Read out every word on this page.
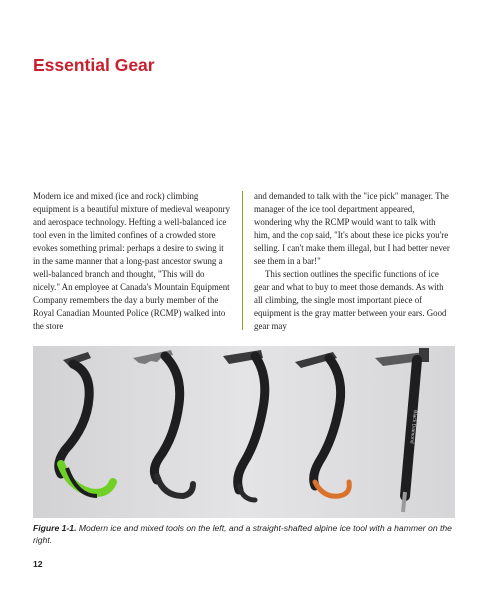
Essential Gear

Modern ice and mixed (ice and rock) climbing equipment is a beautiful mixture of medieval weaponry and aerospace technology. Hefting a well-balanced ice tool even in the limited confines of a crowded store evokes something primal: perhaps a desire to swing it in the same manner that a long-past ancestor swung a well-balanced branch and thought, "This will do nicely." An employee at Canada's Mountain Equipment Company remembers the day a burly member of the Royal Canadian Mounted Police (RCMP) walked into the store

and demanded to talk with the "ice pick" manager. The manager of the ice tool department appeared, wondering why the RCMP would want to talk with him, and the cop said, "It's about these ice picks you're selling. I can't make them illegal, but I had better never see them in a bar!"

This section outlines the specific functions of ice gear and what to buy to meet those demands. As with all climbing, the single most important piece of equipment is the gray matter between your ears. Good gear may

Black Diamond

Figure 1-1. Modern ice and mixed tools on the left, and a straight-shafted alpine ice tool with a hammer on the right.

12
